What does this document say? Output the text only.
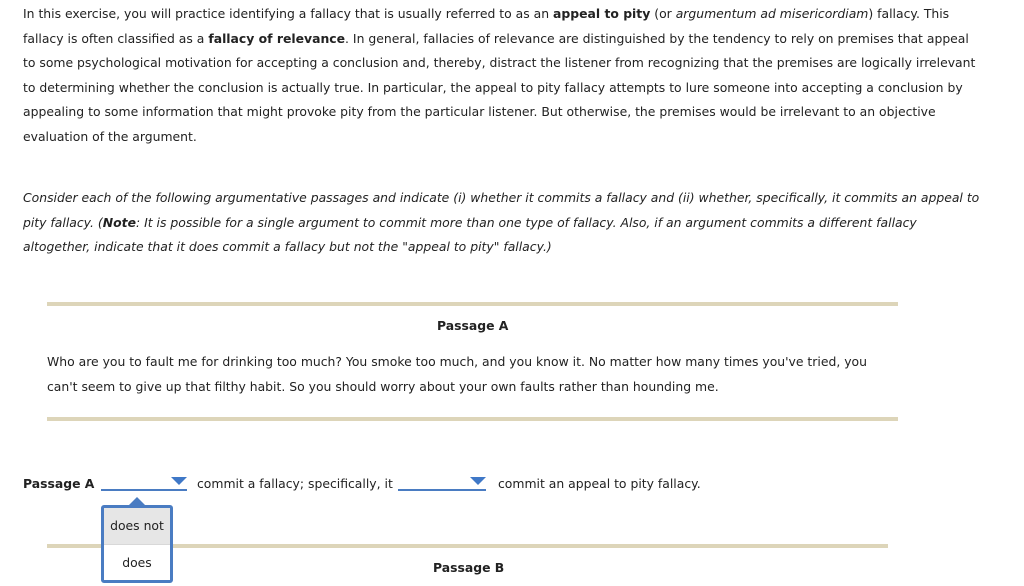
In this exercise, you will practice identifying a fallacy that is usually referred to as an appeal to pity (or argumentum ad misericordiam) fallacy. This fallacy is often classified as a fallacy of relevance. In general, fallacies of relevance are distinguished by the tendency to rely on premises that appeal to some psychological motivation for accepting a conclusion and, thereby, distract the listener from recognizing that the premises are logically irrelevant to determining whether the conclusion is actually true. In particular, the appeal to pity fallacy attempts to lure someone into accepting a conclusion by appealing to some information that might provoke pity from the particular listener. But otherwise, the premises would be irrelevant to an objective evaluation of the argument.

Consider each of the following argumentative passages and indicate (i) whether it commits a fallacy and (ii) whether, specifically, it commits an appeal to pity fallacy. (Note: It is possible for a single argument to commit more than one type of fallacy. Also, if an argument commits a different fallacy altogether, indicate that it does commit a fallacy but not the "appeal to pity" fallacy.)

Passage A

Who are you to fault me for drinking too much? You smoke too much, and you know it. No matter how many times you've tried, you can't seem to give up that filthy habit. So you should worry about your own faults rather than hounding me.

Passage A	commit a fallacy; specifically, it	commit an appeal to pity fallacy.
Passage B
does not
does
